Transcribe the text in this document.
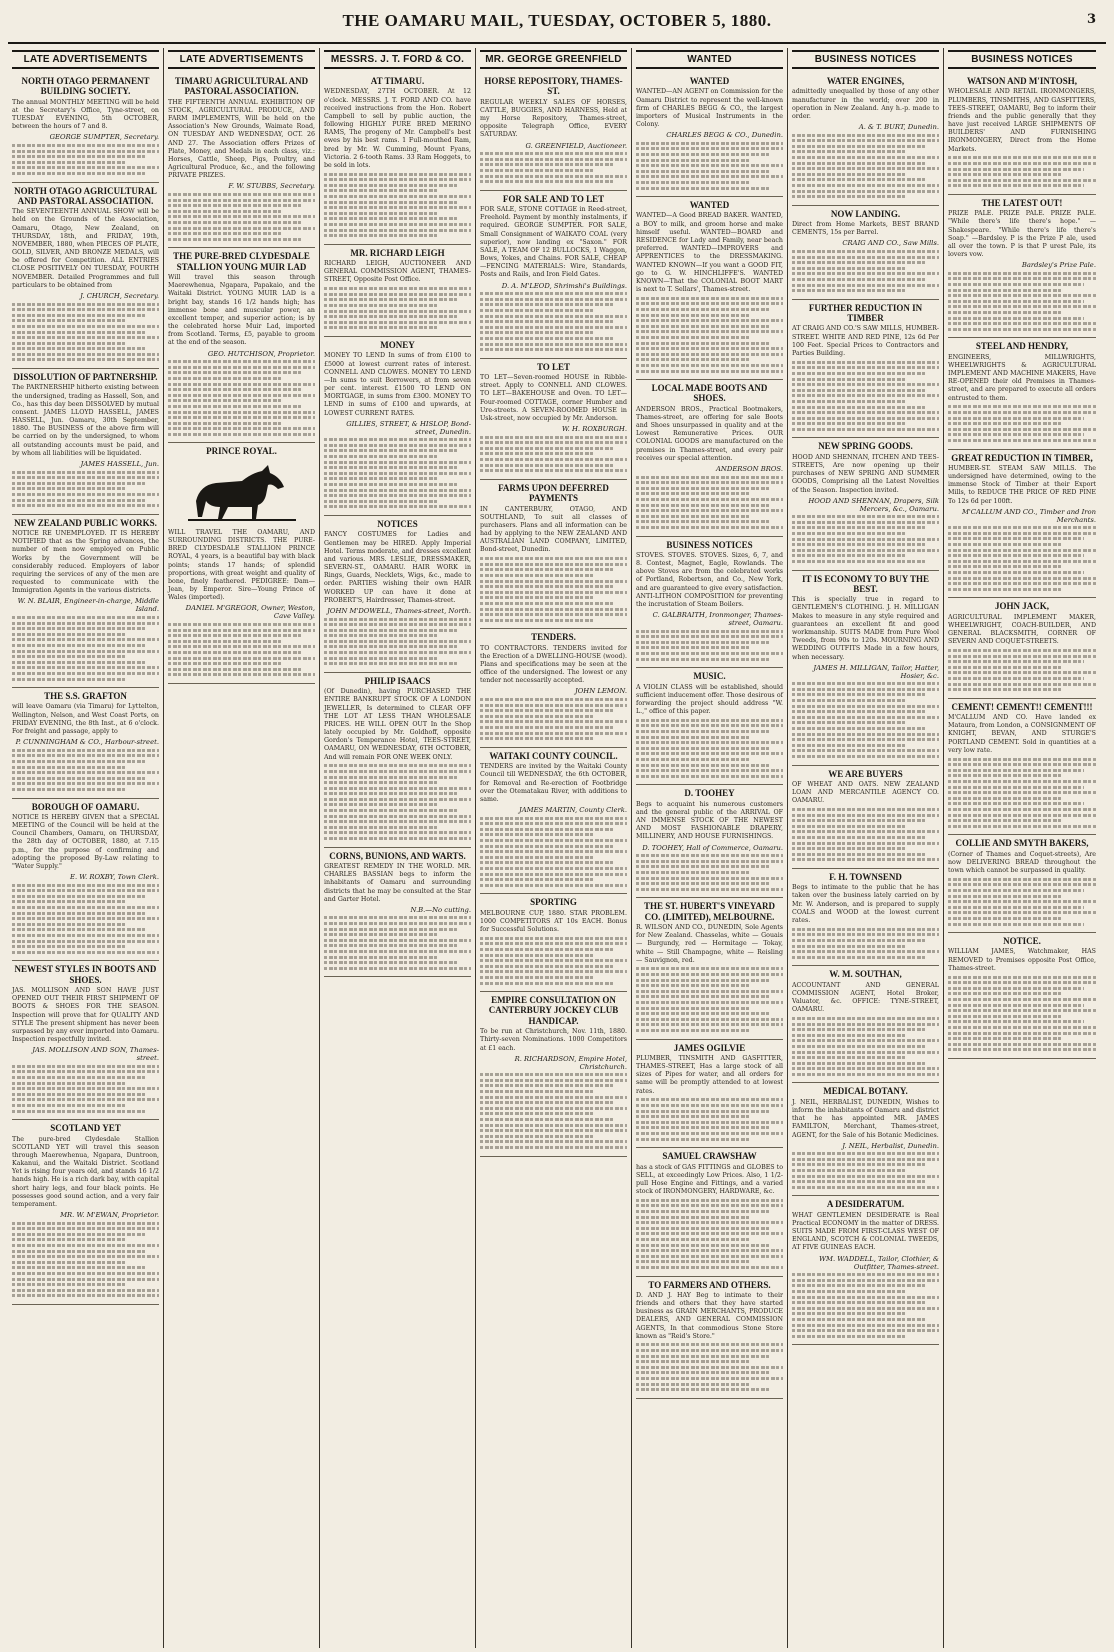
THE OAMARU MAIL, TUESDAY, OCTOBER 5, 1880.	3
LATE ADVERTISEMENTS
NORTH OTAGO PERMANENT BUILDING SOCIETY.
The annual MONTHLY MEETING will be held at the Secretary's Office, Tyne-street, on TUESDAY EVENING, 5th OCTOBER, between the hours of 7 and 8.
GEORGE SUMPTER, Secretary.
NORTH OTAGO AGRICULTURAL AND PASTORAL ASSOCIATION.
The SEVENTEENTH ANNUAL SHOW will be held on the Grounds of the Association, Oamaru, Otago, New Zealand, on THURSDAY, 18th, and FRIDAY, 19th, NOVEMBER, 1880, when PIECES OF PLATE, GOLD, SILVER, AND BRONZE MEDALS, will be offered for Competition. ALL ENTRIES CLOSE POSITIVELY ON TUESDAY, FOURTH NOVEMBER. Detailed Programmes and full particulars to be obtained from
J. CHURCH, Secretary.
DISSOLUTION OF PARTNERSHIP.
The PARTNERSHIP hitherto existing between the undersigned, trading as Hassell, Son, and Co., has this day been DISSOLVED by mutual consent. JAMES LLOYD HASSELL, JAMES HASSELL, Jun. Oamaru, 30th September, 1880. The BUSINESS of the above firm will be carried on by the undersigned, to whom all outstanding accounts must be paid, and by whom all liabilities will be liquidated.
JAMES HASSELL, Jun.
NEW ZEALAND PUBLIC WORKS.
NOTICE RE UNEMPLOYED. IT IS HEREBY NOTIFIED that as the Spring advances, the number of men now employed on Public Works by the Government will be considerably reduced. Employers of labor requiring the services of any of the men are requested to communicate with the Immigration Agents in the various districts.
W. N. BLAIR, Engineer-in-charge, Middle Island.
THE S.S. GRAFTON
will leave Oamaru (via Timaru) for Lyttelton, Wellington, Nelson, and West Coast Ports, on FRIDAY EVENING, the 8th Inst., at 6 o'clock. For freight and passage, apply to
P. CUNNINGHAM & CO., Harbour-street.
BOROUGH OF OAMARU.
NOTICE IS HEREBY GIVEN that a SPECIAL MEETING of the Council will be held at the Council Chambers, Oamaru, on THURSDAY, the 28th day of OCTOBER, 1880, at 7.15 p.m., for the purpose of confirming and adopting the proposed By-Law relating to "Water Supply."
E. W. ROXBY, Town Clerk.
NEWEST STYLES IN BOOTS AND SHOES.
JAS. MOLLISON AND SON HAVE JUST OPENED OUT THEIR FIRST SHIPMENT OF BOOTS & SHOES FOR THE SEASON. Inspection will prove that for QUALITY AND STYLE The present shipment has never been surpassed by any ever imported into Oamaru. Inspection respectfully invited.
JAS. MOLLISON AND SON, Thames-street.
SCOTLAND YET
The pure-bred Clydesdale Stallion SCOTLAND YET will travel this season through Maerewhenua, Ngapara, Duntroon, Kakanui, and the Waitaki District. Scotland Yet is rising four years old, and stands 16 1/2 hands high. He is a rich dark bay, with capital short hairy legs, and four black points. He possesses good sound action, and a very fair temperament.
MR. W. M'EWAN, Proprietor.
LATE ADVERTISEMENTS
TIMARU AGRICULTURAL AND PASTORAL ASSOCIATION.
THE FIFTEENTH ANNUAL EXHIBITION OF STOCK, AGRICULTURAL PRODUCE, AND FARM IMPLEMENTS, Will be held on the Association's New Grounds, Waimate Road, ON TUESDAY AND WEDNESDAY, OCT. 26 AND 27. The Association offers Prizes of Plate, Money, and Medals in each class, viz.: Horses, Cattle, Sheep, Pigs, Poultry, and Agricultural Produce, &c., and the following PRIVATE PRIZES.
F. W. STUBBS, Secretary.
THE PURE-BRED CLYDESDALE STALLION YOUNG MUIR LAD
Will travel this season through Maerewhenua, Ngapara, Papakaio, and the Waitaki District. YOUNG MUIR LAD is a bright bay, stands 16 1/2 hands high; has immense bone and muscular power, an excellent temper, and superior action; is by the celebrated horse Muir Lad, imported from Scotland. Terms, £5, payable to groom at the end of the season.
GEO. HUTCHISON, Proprietor.
PRINCE ROYAL.
WILL TRAVEL THE OAMARU, AND SURROUNDING DISTRICTS. THE PURE-BRED CLYDESDALE STALLION PRINCE ROYAL, 4 years, is a beautiful bay with black points; stands 17 hands; of splendid proportions, with great weight and quality of bone, finely feathered. PEDIGREE: Dam—Jean, by Emperor. Sire—Young Prince of Wales (imported).
DANIEL M'GREGOR, Owner, Weston, Cave Valley.
MESSRS. J. T. FORD & CO.
AT TIMARU.
WEDNESDAY, 27TH OCTOBER. At 12 o'clock. MESSRS. J. T. FORD AND CO. have received instructions from the Hon. Robert Campbell to sell by public auction, the following HIGHLY PURE BRED MERINO RAMS, The progeny of Mr. Campbell's best ewes by his best rams. 1 Full-mouthed Ram, bred by Mr. W. Cumming, Mount Fyans, Victoria. 2 6-tooth Rams. 33 Ram Hoggets, to be sold in lots.
MR. RICHARD LEIGH
RICHARD LEIGH, AUCTIONEER AND GENERAL COMMISSION AGENT, THAMES-STREET, Opposite Post Office.
MONEY
MONEY TO LEND In sums of from £100 to £5000 at lowest current rates of interest. CONNELL AND CLOWES. MONEY TO LEND—In sums to suit Borrowers, at from seven per cent. interest. £1500 TO LEND ON MORTGAGE, in sums from £300. MONEY TO LEND in sums of £100 and upwards, at LOWEST CURRENT RATES.
GILLIES, STREET, & HISLOP, Bond-street, Dunedin.
NOTICES
FANCY COSTUMES for Ladies and Gentlemen may be HIRED. Apply Imperial Hotel. Terms moderate, and dresses excellent and various. MRS. LESLIE, DRESSMAKER, SEVERN-ST., OAMARU. HAIR WORK in Rings, Guards, Necklets, Wigs, &c., made to order. PARTIES wishing their own HAIR WORKED UP can have it done at PROBERT'S, Hairdresser, Thames-street.
JOHN M'DOWELL, Thames-street, North.
PHILIP ISAACS
(Of Dunedin), having PURCHASED THE ENTIRE BANKRUPT STOCK OF A LONDON JEWELLER, Is determined to CLEAR OFF THE LOT AT LESS THAN WHOLESALE PRICES. HE WILL OPEN OUT In the Shop lately occupied by Mr. Goldhoff, opposite Gordon's Temperance Hotel, TEES-STREET, OAMARU, ON WEDNESDAY, 6TH OCTOBER, And will remain FOR ONE WEEK ONLY.
CORNS, BUNIONS, AND WARTS.
GREATEST REMEDY IN THE WORLD. MR. CHARLES BASSIAN begs to inform the inhabitants of Oamaru and surrounding districts that he may be consulted at the Star and Garter Hotel.
N.B.—No cutting.
MR. GEORGE GREENFIELD
HORSE REPOSITORY, THAMES-ST.
REGULAR WEEKLY SALES OF HORSES, CATTLE, BUGGIES, AND HARNESS, Held at my Horse Repository, Thames-street, opposite Telegraph Office, EVERY SATURDAY.
G. GREENFIELD, Auctioneer.
FOR SALE AND TO LET
FOR SALE, STONE COTTAGE in Reed-street, Freehold. Payment by monthly instalments, if required. GEORGE SUMPTER. FOR SALE, Small Consignment of WAIKATO COAL (very superior), now landing ex "Saxon." FOR SALE, A TEAM OF 12 BULLOCKS, 1 Waggon, Bows, Yokes, and Chains. FOR SALE, CHEAP—FENCING MATERIALS: Wire, Standards, Posts and Rails, and Iron Field Gates.
D. A. M'LEOD, Shrimshi's Buildings.
TO LET
TO LET—Seven-roomed HOUSE in Ribble-street. Apply to CONNELL AND CLOWES. TO LET—BAKEHOUSE and Oven. TO LET—Four-roomed COTTAGE, corner Humber and Ure-streets. A SEVEN-ROOMED HOUSE in Usk-street, now occupied by Mr. Anderson.
W. H. ROXBURGH.
FARMS UPON DEFERRED PAYMENTS
IN CANTERBURY, OTAGO, AND SOUTHLAND, To suit all classes of purchasers. Plans and all information can be had by applying to the NEW ZEALAND AND AUSTRALIAN LAND COMPANY, LIMITED, Bond-street, Dunedin.
TENDERS.
TO CONTRACTORS. TENDERS invited for the Erection of a DWELLING-HOUSE (wood). Plans and specifications may be seen at the office of the undersigned. The lowest or any tender not necessarily accepted.
JOHN LEMON.
WAITAKI COUNTY COUNCIL.
TENDERS are invited by the Waitaki County Council till WEDNESDAY, the 6th OCTOBER, for Removal and Re-erection of Footbridge over the Otematakau River, with additions to same.
JAMES MARTIN, County Clerk.
SPORTING
MELBOURNE CUP, 1880. STAR PROBLEM. 1000 COMPETITORS AT 10s EACH. Bonus for Successful Solutions.
EMPIRE CONSULTATION ON CANTERBURY JOCKEY CLUB HANDICAP.
To be run at Christchurch, Nov. 11th, 1880. Thirty-seven Nominations. 1000 Competitors at £1 each.
R. RICHARDSON, Empire Hotel, Christchurch.
WANTED
WANTED
WANTED—AN AGENT on Commission for the Oamaru District to represent the well-known firm of CHARLES BEGG & CO., the largest importers of Musical Instruments in the Colony.
CHARLES BEGG & CO., Dunedin.
WANTED
WANTED—A Good BREAD BAKER. WANTED, a BOY to milk, and groom horse and make himself useful. WANTED—BOARD and RESIDENCE for Lady and Family, near beach preferred. WANTED—IMPROVERS and APPRENTICES to the DRESSMAKING. WANTED KNOWN—If you want a GOOD FIT, go to G. W. HINCHLIFFE'S. WANTED KNOWN—That the COLONIAL BOOT MART is next to T. Sellars', Thames-street.
LOCAL MADE BOOTS AND SHOES.
ANDERSON BROS., Practical Bootmakers, Thames-street, are offering for sale Boots and Shoes unsurpassed in quality and at the Lowest Remunerative Prices. OUR COLONIAL GOODS are manufactured on the premises in Thames-street, and every pair receives our special attention.
ANDERSON BROS.
BUSINESS NOTICES
STOVES. STOVES. STOVES. Sizes, 6, 7, and 8. Contest, Magnet, Eagle, Rowlands. The above Stoves are from the celebrated works of Portland, Robertson, and Co., New York, and are guaranteed to give every satisfaction. ANTI-LITHON COMPOSITION for preventing the incrustation of Steam Boilers.
C. GALBRAITH, Ironmonger, Thames-street, Oamaru.
MUSIC.
A VIOLIN CLASS will be established, should sufficient inducement offer. Those desirous of forwarding the project should address "W. L.," office of this paper.
D. TOOHEY
Begs to acquaint his numerous customers and the general public of the ARRIVAL OF AN IMMENSE STOCK OF THE NEWEST AND MOST FASHIONABLE DRAPERY, MILLINERY, AND HOUSE FURNISHINGS.
D. TOOHEY, Hall of Commerce, Oamaru.
THE ST. HUBERT'S VINEYARD CO. (LIMITED), MELBOURNE.
R. WILSON AND CO., DUNEDIN, Sole Agents for New Zealand. Chasselas, white — Gouais — Burgundy, red — Hermitage — Tokay, white — Still Champagne, white — Reisling — Sauvignon, red.
JAMES OGILVIE
PLUMBER, TINSMITH AND GASFITTER, THAMES-STREET, Has a large stock of all sizes of Pipes for water, and all orders for same will be promptly attended to at lowest rates.
SAMUEL CRAWSHAW
has a stock of GAS FITTINGS and GLOBES to SELL, at exceedingly Low Prices. Also, 1 1/2-pull Hose Engine and Fittings, and a varied stock of IRONMONGERY, HARDWARE, &c.
TO FARMERS AND OTHERS.
D. AND J. HAY Beg to intimate to their friends and others that they have started business as GRAIN MERCHANTS, PRODUCE DEALERS, AND GENERAL COMMISSION AGENTS, In that commodious Stone Store known as "Reid's Store."
BUSINESS NOTICES
WATER ENGINES,
admittedly unequalled by those of any other manufacturer in the world; over 200 in operation in New Zealand. Any h.-p. made to order.
A. & T. BURT, Dunedin.
NOW LANDING.
Direct from Home Markets, BEST BRAND CEMENTS, 15s per Barrel.
CRAIG AND CO., Saw Mills.
FURTHER REDUCTION IN TIMBER
AT CRAIG AND CO.'S SAW MILLS, HUMBER-STREET. WHITE AND RED PINE, 12s 6d Per 100 Feet. Special Prices to Contractors and Parties Building.
NEW SPRING GOODS.
HOOD AND SHENNAN, ITCHEN AND TEES-STREETS, Are now opening up their purchases of NEW SPRING AND SUMMER GOODS, Comprising all the Latest Novelties of the Season. Inspection invited.
HOOD AND SHENNAN, Drapers, Silk Mercers, &c., Oamaru.
IT IS ECONOMY TO BUY THE BEST.
This is specially true in regard to GENTLEMEN'S CLOTHING. J. H. MILLIGAN Makes to measure in any style required and guarantees an excellent fit and good workmanship. SUITS MADE from Pure Wool Tweeds, from 90s to 120s. MOURNING AND WEDDING OUTFITS Made in a few hours, when necessary.
JAMES H. MILLIGAN, Tailor, Hatter, Hosier, &c.
WE ARE BUYERS
OF WHEAT AND OATS. NEW ZEALAND LOAN AND MERCANTILE AGENCY CO. OAMARU.
F. H. TOWNSEND
Begs to intimate to the public that he has taken over the business lately carried on by Mr. W. Anderson, and is prepared to supply COALS and WOOD at the lowest current rates.
W. M. SOUTHAN,
ACCOUNTANT AND GENERAL COMMISSION AGENT, Hotel Broker, Valuator, &c. OFFICE: TYNE-STREET, OAMARU.
MEDICAL BOTANY.
J. NEIL, HERBALIST, DUNEDIN, Wishes to inform the inhabitants of Oamaru and district that he has appointed MR. JAMES FAMILTON, Merchant, Thames-street, AGENT, for the Sale of his Botanic Medicines.
J. NEIL, Herbalist, Dunedin.
A DESIDERATUM.
WHAT GENTLEMEN DESIDERATE is Real Practical ECONOMY in the matter of DRESS. SUITS MADE FROM FIRST-CLASS WEST OF ENGLAND, SCOTCH & COLONIAL TWEEDS, AT FIVE GUINEAS EACH.
WM. WADDELL, Tailor, Clothier, & Outfitter, Thames-street.
BUSINESS NOTICES
WATSON AND M'INTOSH,
WHOLESALE AND RETAIL IRONMONGERS, PLUMBERS, TINSMITHS, AND GASFITTERS, TEES-STREET, OAMARU, Beg to inform their friends and the public generally that they have just received LARGE SHIPMENTS OF BUILDERS' AND FURNISHING IRONMONGERY, Direct from the Home Markets.
THE LATEST OUT!
PRIZE PALE. PRIZE PALE. PRIZE PALE. "While there's life there's hope." —Shakespeare. "While there's life there's Soap." —Bardsley. P is the Prize P ale, used all over the town. P is that P urest Pale, its lovers vow.
Bardsley's Prize Pale.
STEEL AND HENDRY,
ENGINEERS, MILLWRIGHTS, WHEELWRIGHTS & AGRICULTURAL IMPLEMENT AND MACHINE MAKERS, Have RE-OPENED their old Premises in Thames-street, and are prepared to execute all orders entrusted to them.
GREAT REDUCTION IN TIMBER,
HUMBER-ST. STEAM SAW MILLS. The undersigned have determined, owing to the immense Stock of Timber at their Export Mills, to REDUCE THE PRICE OF RED PINE To 12s 6d per 100ft.
M'CALLUM AND CO., Timber and Iron Merchants.
JOHN JACK,
AGRICULTURAL IMPLEMENT MAKER, WHEELWRIGHT, COACH-BUILDER, AND GENERAL BLACKSMITH, CORNER OF SEVERN AND COQUET-STREETS.
CEMENT! CEMENT!! CEMENT!!!
M'CALLUM AND CO. Have landed ex Mataura, from London, a CONSIGNMENT OF KNIGHT, BEVAN, AND STURGE'S PORTLAND CEMENT. Sold in quantities at a very low rate.
COLLIE AND SMYTH BAKERS,
(Corner of Thames and Coquet-streets), Are now DELIVERING BREAD throughout the town which cannot be surpassed in quality.
NOTICE.
WILLIAM JAMES, Watchmaker, HAS REMOVED to Premises opposite Post Office, Thames-street.
